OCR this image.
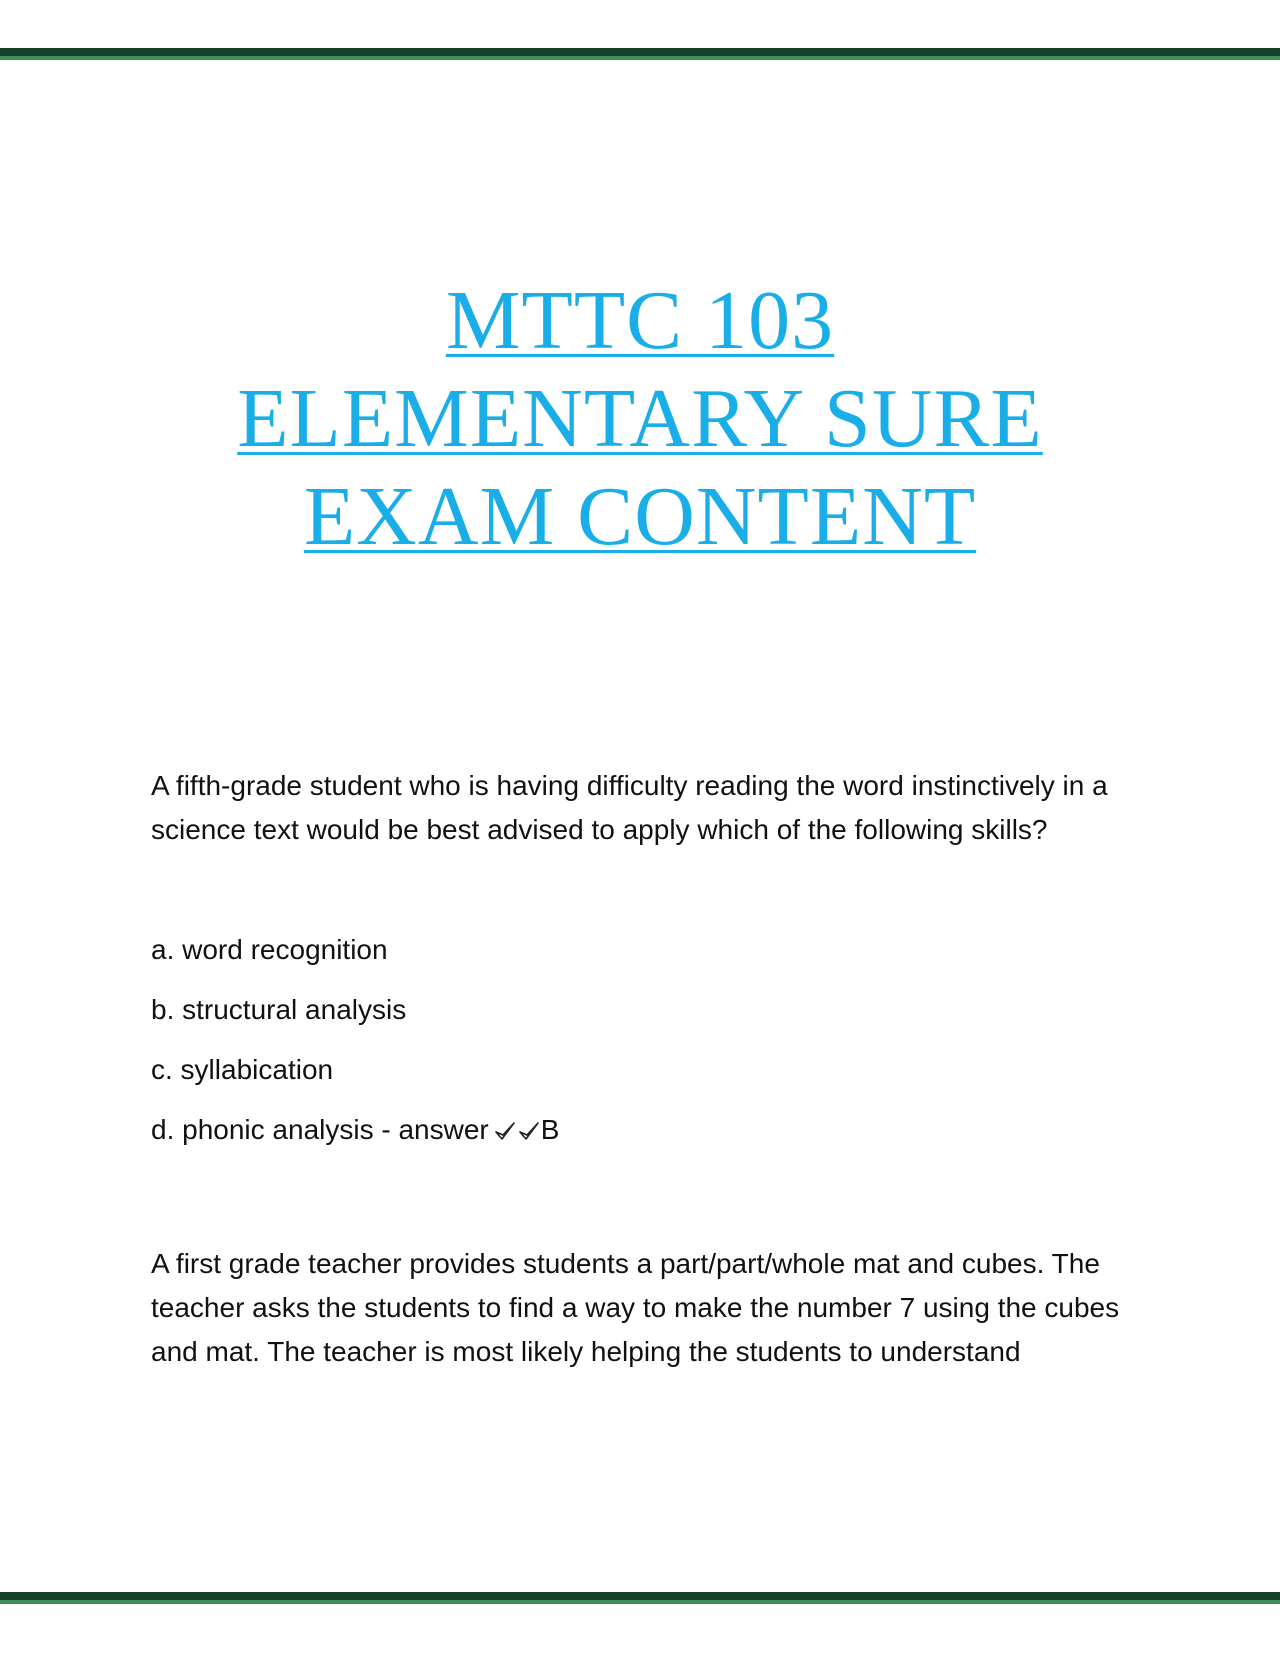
MTTC 103
ELEMENTARY SURE
EXAM CONTENT

A fifth-grade student who is having difficulty reading the word instinctively in a science text would be best advised to apply which of the following skills?

a. word recognition

b. structural analysis

c. syllabication

d. phonic analysis - answer B

A first grade teacher provides students a part/part/whole mat and cubes. The teacher asks the students to find a way to make the number 7 using the cubes and mat. The teacher is most likely helping the students to understand
